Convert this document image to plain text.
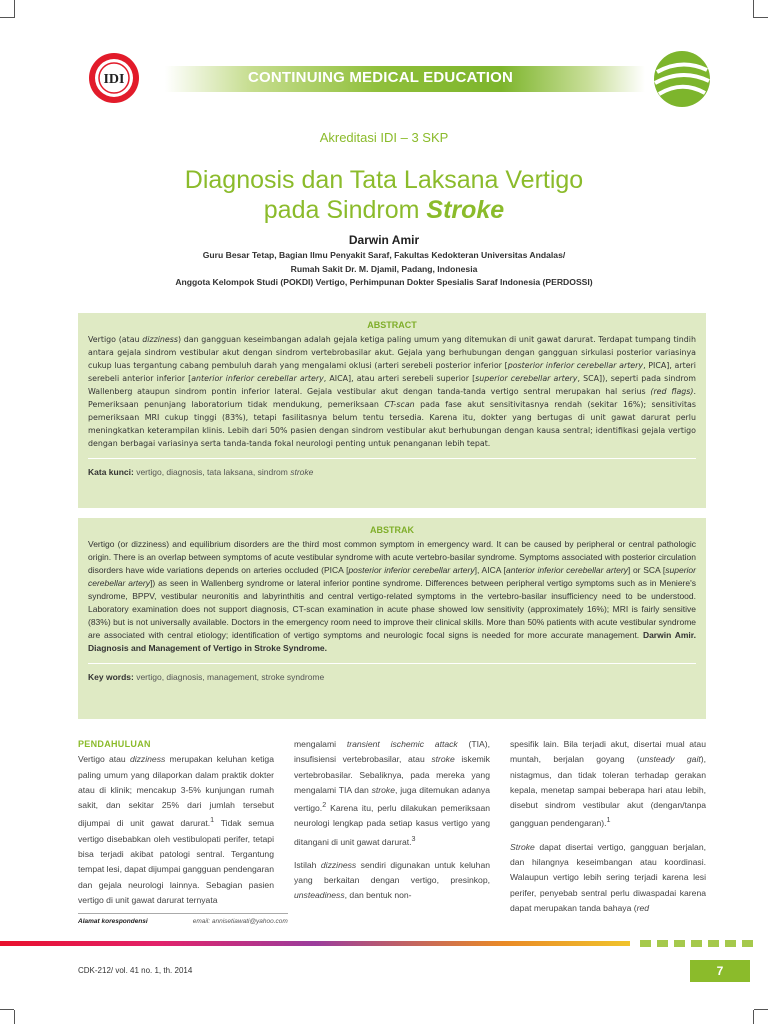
IDI	CONTINUING MEDICAL EDUCATION
Akreditasi IDI – 3 SKP
Diagnosis dan Tata Laksana Vertigo
pada Sindrom Stroke
Darwin Amir
Guru Besar Tetap, Bagian Ilmu Penyakit Saraf, Fakultas Kedokteran Universitas Andalas/
Rumah Sakit Dr. M. Djamil, Padang, Indonesia
Anggota Kelompok Studi (POKDI) Vertigo, Perhimpunan Dokter Spesialis Saraf Indonesia (PERDOSSI)
ABSTRACT
Vertigo (atau dizziness) dan gangguan keseimbangan adalah gejala ketiga paling umum yang ditemukan di unit gawat darurat. Terdapat tumpang tindih antara gejala sindrom vestibular akut dengan sindrom vertebrobasilar akut. Gejala yang berhubungan dengan gangguan sirkulasi posterior variasinya cukup luas tergantung cabang pembuluh darah yang mengalami oklusi (arteri serebeli posterior inferior [posterior inferior cerebellar artery, PICA], arteri serebeli anterior inferior [anterior inferior cerebellar artery, AICA], atau arteri serebeli superior [superior cerebellar artery, SCA]), seperti pada sindrom Wallenberg ataupun sindrom pontin inferior lateral. Gejala vestibular akut dengan tanda-tanda vertigo sentral merupakan hal serius (red flags). Pemeriksaan penunjang laboratorium tidak mendukung, pemeriksaan CT-scan pada fase akut sensitivitasnya rendah (sekitar 16%); sensitivitas pemeriksaan MRI cukup tinggi (83%), tetapi fasilitasnya belum tentu tersedia. Karena itu, dokter yang bertugas di unit gawat darurat perlu meningkatkan keterampilan klinis. Lebih dari 50% pasien dengan sindrom vestibular akut berhubungan dengan kausa sentral; identifikasi gejala vertigo dengan berbagai variasinya serta tanda-tanda fokal neurologi penting untuk penanganan lebih tepat.
Kata kunci: vertigo, diagnosis, tata laksana, sindrom stroke
ABSTRAK
Vertigo (or dizziness) and equilibrium disorders are the third most common symptom in emergency ward. It can be caused by peripheral or central pathologic origin. There is an overlap between symptoms of acute vestibular syndrome with acute vertebro-basilar syndrome. Symptoms associated with posterior circulation disorders have wide variations depends on arteries occluded (PICA [posterior inferior cerebellar artery], AICA [anterior inferior cerebellar artery] or SCA [superior cerebellar artery]) as seen in Wallenberg syndrome or lateral inferior pontine syndrome. Differences between peripheral vertigo symptoms such as in Meniere's syndrome, BPPV, vestibular neuronitis and labyrinthitis and central vertigo-related symptoms in the vertebro-basilar insufficiency need to be understood. Laboratory examination does not support diagnosis, CT-scan examination in acute phase showed low sensitivity (approximately 16%); MRI is fairly sensitive (83%) but is not universally available. Doctors in the emergency room need to improve their clinical skills. More than 50% patients with acute vestibular syndrome are associated with central etiology; identification of vertigo symptoms and neurologic focal signs is needed for more accurate management. Darwin Amir. Diagnosis and Management of Vertigo in Stroke Syndrome.
Key words: vertigo, diagnosis, management, stroke syndrome
PENDAHULUAN
Vertigo atau dizziness merupakan keluhan ketiga paling umum yang dilaporkan dalam praktik dokter atau di klinik; mencakup 3-5% kunjungan rumah sakit, dan sekitar 25% dari jumlah tersebut dijumpai di unit gawat darurat.$^1$ Tidak semua vertigo disebabkan oleh vestibulopati perifer, tetapi bisa terjadi akibat patologi sentral. Tergantung tempat lesi, dapat dijumpai gangguan pendengaran dan gejala neurologi lainnya. Sebagian pasien vertigo di unit gawat darurat ternyata
mengalami transient ischemic attack (TIA), insufisiensi vertebrobasilar, atau stroke iskemik vertebrobasilar. Sebaliknya, pada mereka yang mengalami TIA dan stroke, juga ditemukan adanya vertigo.$^2$ Karena itu, perlu dilakukan pemeriksaan neurologi lengkap pada setiap kasus vertigo yang ditangani di unit gawat darurat.$^3$
Istilah dizziness sendiri digunakan untuk keluhan yang berkaitan dengan vertigo, presinkop, unsteadiness, dan bentuk non-
spesifik lain. Bila terjadi akut, disertai mual atau muntah, berjalan goyang (unsteady gait), nistagmus, dan tidak toleran terhadap gerakan kepala, menetap sampai beberapa hari atau lebih, disebut sindrom vestibular akut (dengan/tanpa gangguan pendengaran).$^1$
Stroke dapat disertai vertigo, gangguan berjalan, dan hilangnya keseimbangan atau koordinasi. Walaupun vertigo lebih sering terjadi karena lesi perifer, penyebab sentral perlu diwaspadai karena dapat merupakan tanda bahaya (red
Alamat korespondensi	email: annisetiawati@yahoo.com
CDK-212/ vol. 41 no. 1, th. 2014	7
